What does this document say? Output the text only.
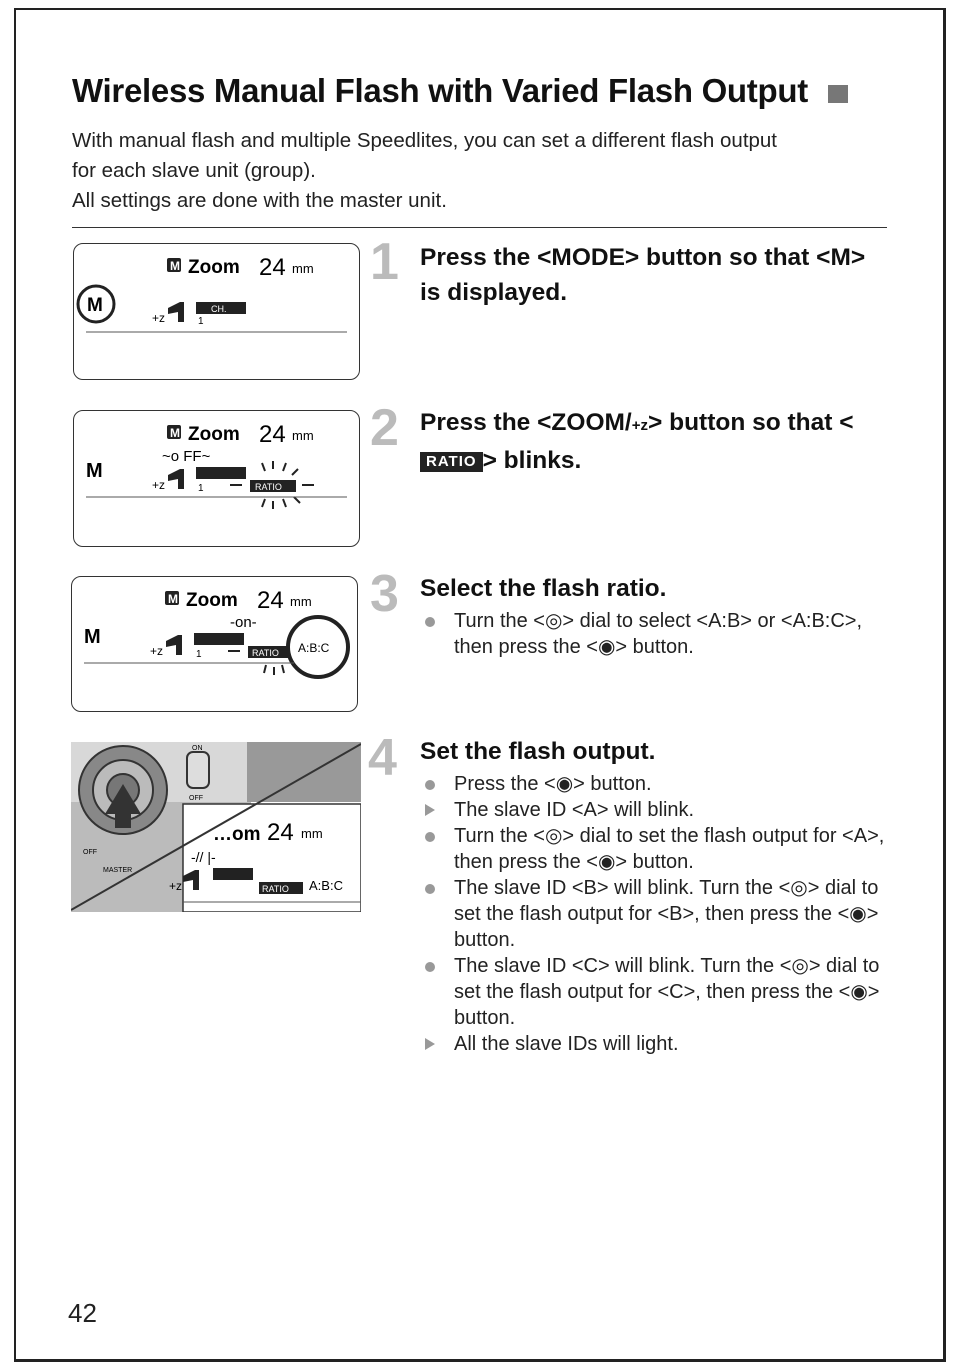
Wireless Manual Flash with Varied Flash Output

With manual flash and multiple Speedlites, you can set a different flash output

for each slave unit (group).

All settings are done with the master unit.

M Zoom 24 mm
M
+z
CH.
1
1 Press the <MODE> button so that <M> is displayed.
M Zoom 24 mm
M
~o FF~
+z	1	RATIO
2 Press the <ZOOM/+z> button so that <RATIO > blinks.
M Zoom 24 mm
M
-on-
+z	1	RATIO A:B:C
3 Select the flash ratio.
Turn the <◎> dial to select <A:B> or <A:B:C>, then press the <◉> button.
ON
OFF
OFF
MASTER
…om 24 mm
-// |-
+z	RATIO A:B:C
4 Set the flash output.
Press the <◉> button.
The slave ID <A> will blink.
Turn the <◎> dial to set the flash output for <A>, then press the <◉> button.
The slave ID <B> will blink. Turn the <◎> dial to set the flash output for <B>, then press the <◉> button.
The slave ID <C> will blink. Turn the <◎> dial to set the flash output for <C>, then press the <◉> button.
All the slave IDs will light.
42
